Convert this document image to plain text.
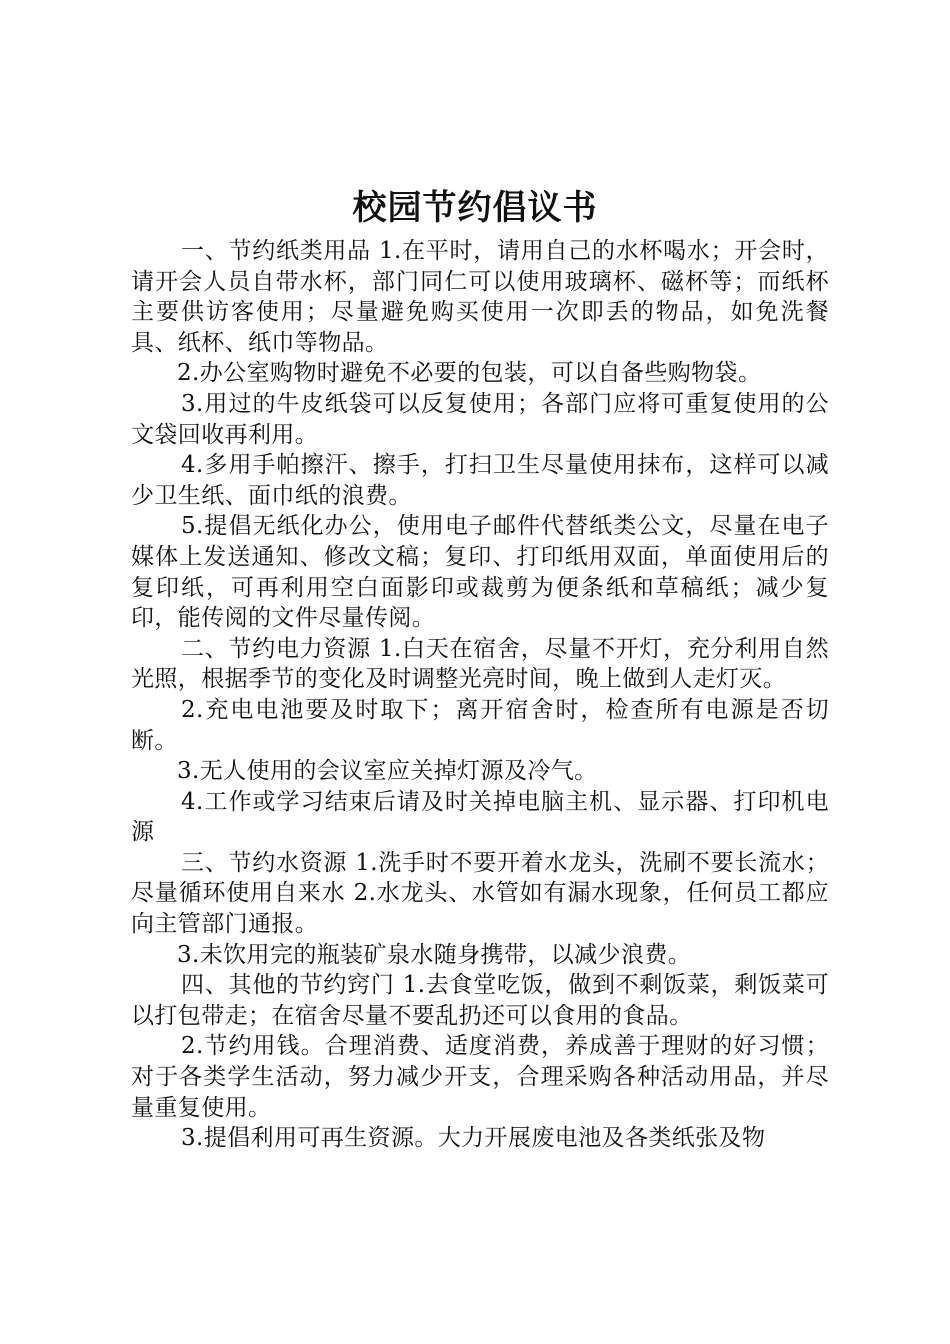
校园节约倡议书

一、节约纸类用品 1.在平时，请用自己的水杯喝水；开会时，请开会人员自带水杯，部门同仁可以使用玻璃杯、磁杯等；而纸杯主要供访客使用；尽量避免购买使用一次即丢的物品，如免洗餐具、纸杯、纸巾等物品。

2.办公室购物时避免不必要的包装，可以自备些购物袋。

3.用过的牛皮纸袋可以反复使用；各部门应将可重复使用的公文袋回收再利用。

4.多用手帕擦汗、擦手，打扫卫生尽量使用抹布，这样可以减少卫生纸、面巾纸的浪费。

5.提倡无纸化办公，使用电子邮件代替纸类公文，尽量在电子媒体上发送通知、修改文稿；复印、打印纸用双面，单面使用后的复印纸，可再利用空白面影印或裁剪为便条纸和草稿纸；减少复印，能传阅的文件尽量传阅。

二、节约电力资源 1.白天在宿舍，尽量不开灯，充分利用自然光照，根据季节的变化及时调整光亮时间，晚上做到人走灯灭。

2.充电电池要及时取下；离开宿舍时，检查所有电源是否切断。

3.无人使用的会议室应关掉灯源及冷气。

4.工作或学习结束后请及时关掉电脑主机、显示器、打印机电源

三、节约水资源 1.洗手时不要开着水龙头，洗刷不要长流水；尽量循环使用自来水 2.水龙头、水管如有漏水现象，任何员工都应向主管部门通报。

3.未饮用完的瓶装矿泉水随身携带，以减少浪费。

四、其他的节约窍门 1.去食堂吃饭，做到不剩饭菜，剩饭菜可以打包带走；在宿舍尽量不要乱扔还可以食用的食品。

2.节约用钱。合理消费、适度消费，养成善于理财的好习惯；对于各类学生活动，努力减少开支，合理采购各种活动用品，并尽量重复使用。

3.提倡利用可再生资源。大力开展废电池及各类纸张及物
